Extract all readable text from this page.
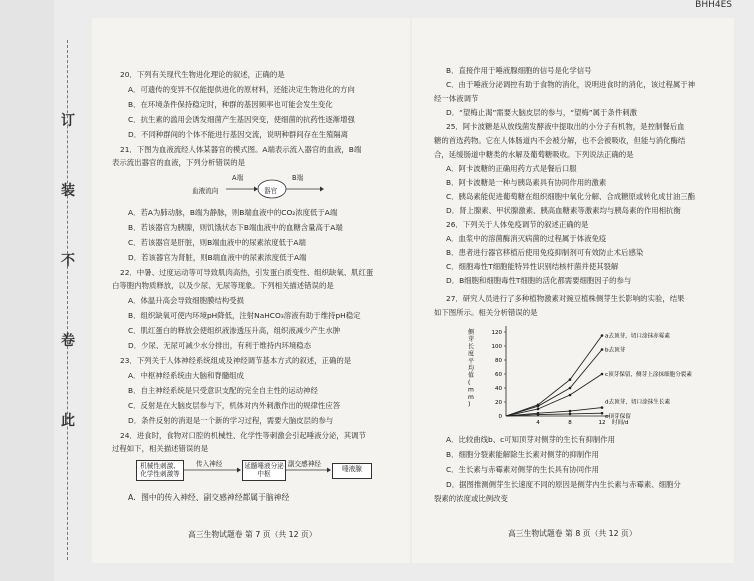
BHH4ES
此
卷
不
装
订
20．下列有关现代生物进化理论的叙述，正确的是
A．可遗传的变异不仅能提供进化的原材料，还能决定生物进化的方向
B．在环境条件保持稳定时，种群的基因频率也可能会发生变化
C．抗生素的滥用会诱发细菌产生基因突变，使细菌的抗药性逐渐增强
D．不同种群间的个体不能进行基因交流，说明种群间存在生殖隔离
21．下图为血液流经人体某器官的模式图。A端表示流入器官的血液，B端
表示流出器官的血液，下列分析错误的是
血液流向
A端	B端
器官
A．若A为肺动脉，B端为静脉，则B端血液中的CO₂浓度低于A端
B．若该器官为胰腺，则饥饿状态下B端血液中的血糖含量高于A端
C．若该器官是肝脏，则B端血液中的尿素浓度低于A端
D．若该器官为肾脏，则B端血液中的尿素浓度低于A端
22．中暑、过度运动等可导致肌肉高热，引发蛋白质变性、组织缺氧、肌红蛋
白等胞内物质释放，以及少尿、无尿等现象。下列相关描述错误的是
A．体温升高会导致细胞膜结构受损
B．组织缺氧可使内环境pH降低，注射NaHCO₃溶液有助于维持pH稳定
C．肌红蛋白的释放会使组织液渗透压升高，组织液减少产生水肿
D．少尿、无尿可减少水分排出，有利于维持内环境稳态
23．下列关于人体神经系统组成及神经调节基本方式的叙述，正确的是
A．中枢神经系统由大脑和脊髓组成
B．自主神经系统是只受意识支配的完全自主性的运动神经
C．反射是在大脑皮层参与下，机体对内外刺激作出的规律性应答
D．条件反射的消退是一个新的学习过程，需要大脑皮层的参与
24．进食时，食物对口腔的机械性、化学性等刺激会引起唾液分泌，其调节
过程如下，相关描述错误的是
机械性刺激、化学性刺激等
传入神经	延髓唾液分泌中枢
副交感神经
唾液腺
A．图中的传入神经、副交感神经都属于脑神经
高三生物试题卷 第 7 页（共 12 页）
B．直接作用于唾液腺细胞的信号是化学信号
C．由于唾液分泌调控有助于食物的消化，说明进食时的消化，该过程属于神
经一体液调节
D．“望梅止渴”需要大脑皮层的参与，“望梅”属于条件刺激
25．阿卡波糖是从放线菌发酵液中提取出的小分子有机物，是控制餐后血
糖的首选药物。它在人体肠道内不会被分解，也不会被吸收，但能与消化酶结
合，延缓肠道中糖类的水解及葡萄糖吸收。下列说法正确的是
A．阿卡波糖的正确用药方式是餐后口服
B．阿卡波糖是一种与胰岛素具有协同作用的激素
C．胰岛素能促进葡萄糖在组织细胞中氧化分解、合成糖原或转化成甘油三酯
D．肾上腺素、甲状腺激素、胰高血糖素等激素均与胰岛素的作用相抗衡
26．下列关于人体免疫调节的叙述正确的是
A．血浆中的溶菌酶消灭病菌的过程属于体液免疫
B．患者进行器官移植后使用免疫抑制剂可有效防止术后感染
C．细胞毒性T细胞能特异性识别结核杆菌并使其裂解
D．B细胞和细胞毒性T细胞的活化都需要细胞因子的参与
27．研究人员进行了多种植物激素对豌豆植株侧芽生长影响的实验，结果
如下图所示。相关分析错误的是
20
40
60
80
100
120
4	8	12
0
时间/d
侧
芽
长
度
平
均
值
(
m
m
)
a去顶芽，切口涂抹赤霉素
b去顶芽
c顶芽保留，侧芽上涂抹细胞分裂素
d去顶芽，切口涂抹生长素
e顶芽保留
A．比较曲线b、c可知顶芽对侧芽的生长有抑制作用
B．细胞分裂素能解除生长素对侧芽的抑制作用
C．生长素与赤霉素对侧芽的生长具有协同作用
D．据图推测侧芽生长速度不同的原因是侧芽内生长素与赤霉素、细胞分
裂素的浓度或比例改变
高三生物试题卷 第 8 页（共 12 页）
